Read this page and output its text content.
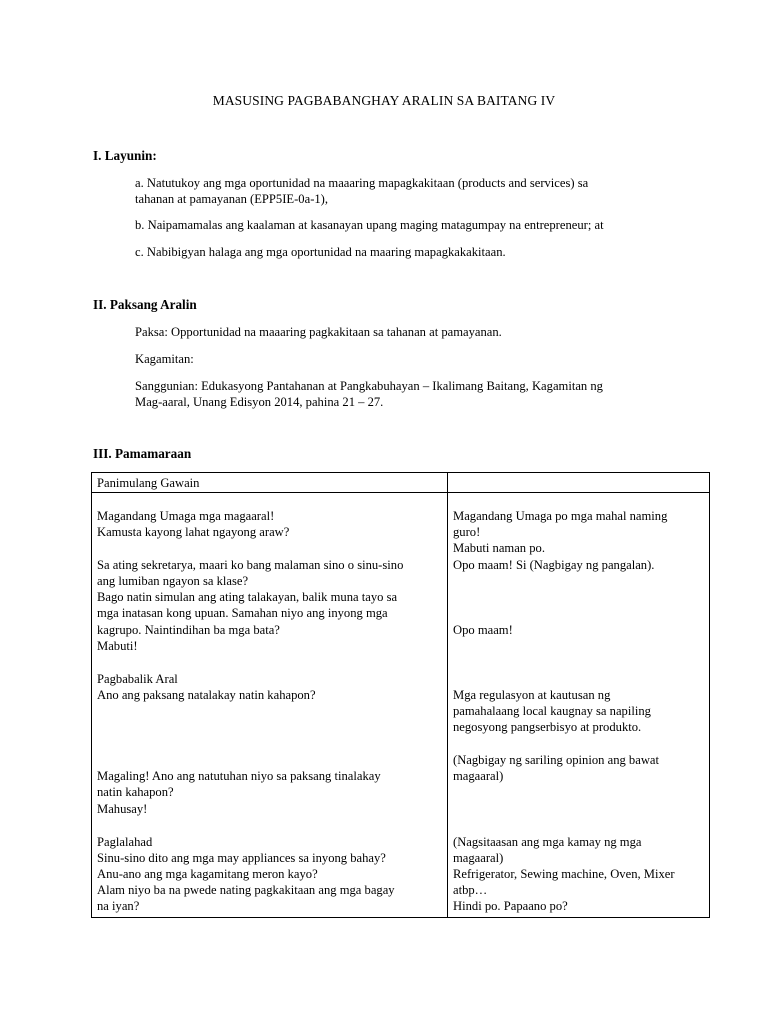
MASUSING PAGBABANGHAY ARALIN SA BAITANG IV
I. Layunin:
a. Natutukoy ang mga oportunidad na maaaring mapagkakitaan (products and services) sa
tahanan at pamayanan (EPP5IE-0a-1),
b. Naipamamalas ang kaalaman at kasanayan upang maging matagumpay na entrepreneur; at
c. Nabibigyan halaga ang mga oportunidad na maaring mapagkakakitaan.
II. Paksang Aralin
Paksa: Opportunidad na maaaring pagkakitaan sa tahanan at pamayanan.
Kagamitan:
Sanggunian: Edukasyong Pantahanan at Pangkabuhayan – Ikalimang Baitang, Kagamitan ng
Mag-aaral, Unang Edisyon 2014, pahina 21 – 27.
III. Pamamaraan
Panimulang Gawain
Magandang Umaga mga magaaral!
Kamusta kayong lahat ngayong araw?
Sa ating sekretarya, maari ko bang malaman sino o sinu-sino
ang lumiban ngayon sa klase?
Bago natin simulan ang ating talakayan, balik muna tayo sa
mga inatasan kong upuan. Samahan niyo ang inyong mga
kagrupo. Naintindihan ba mga bata?
Mabuti!
Pagbabalik Aral
Ano ang paksang natalakay natin kahapon?
Magaling! Ano ang natutuhan niyo sa paksang tinalakay
natin kahapon?
Mahusay!
Paglalahad
Sinu-sino dito ang mga may appliances sa inyong bahay?
Anu-ano ang mga kagamitang meron kayo?
Alam niyo ba na pwede nating pagkakitaan ang mga bagay
na iyan?
Magandang Umaga po mga mahal naming
guro!
Mabuti naman po.
Opo maam! Si (Nagbigay ng pangalan).
Opo maam!
Mga regulasyon at kautusan ng
pamahalaang local kaugnay sa napiling
negosyong pangserbisyo at produkto.
(Nagbigay ng sariling opinion ang bawat
magaaral)
(Nagsitaasan ang mga kamay ng mga
magaaral)
Refrigerator, Sewing machine, Oven, Mixer
atbp…
Hindi po. Papaano po?
